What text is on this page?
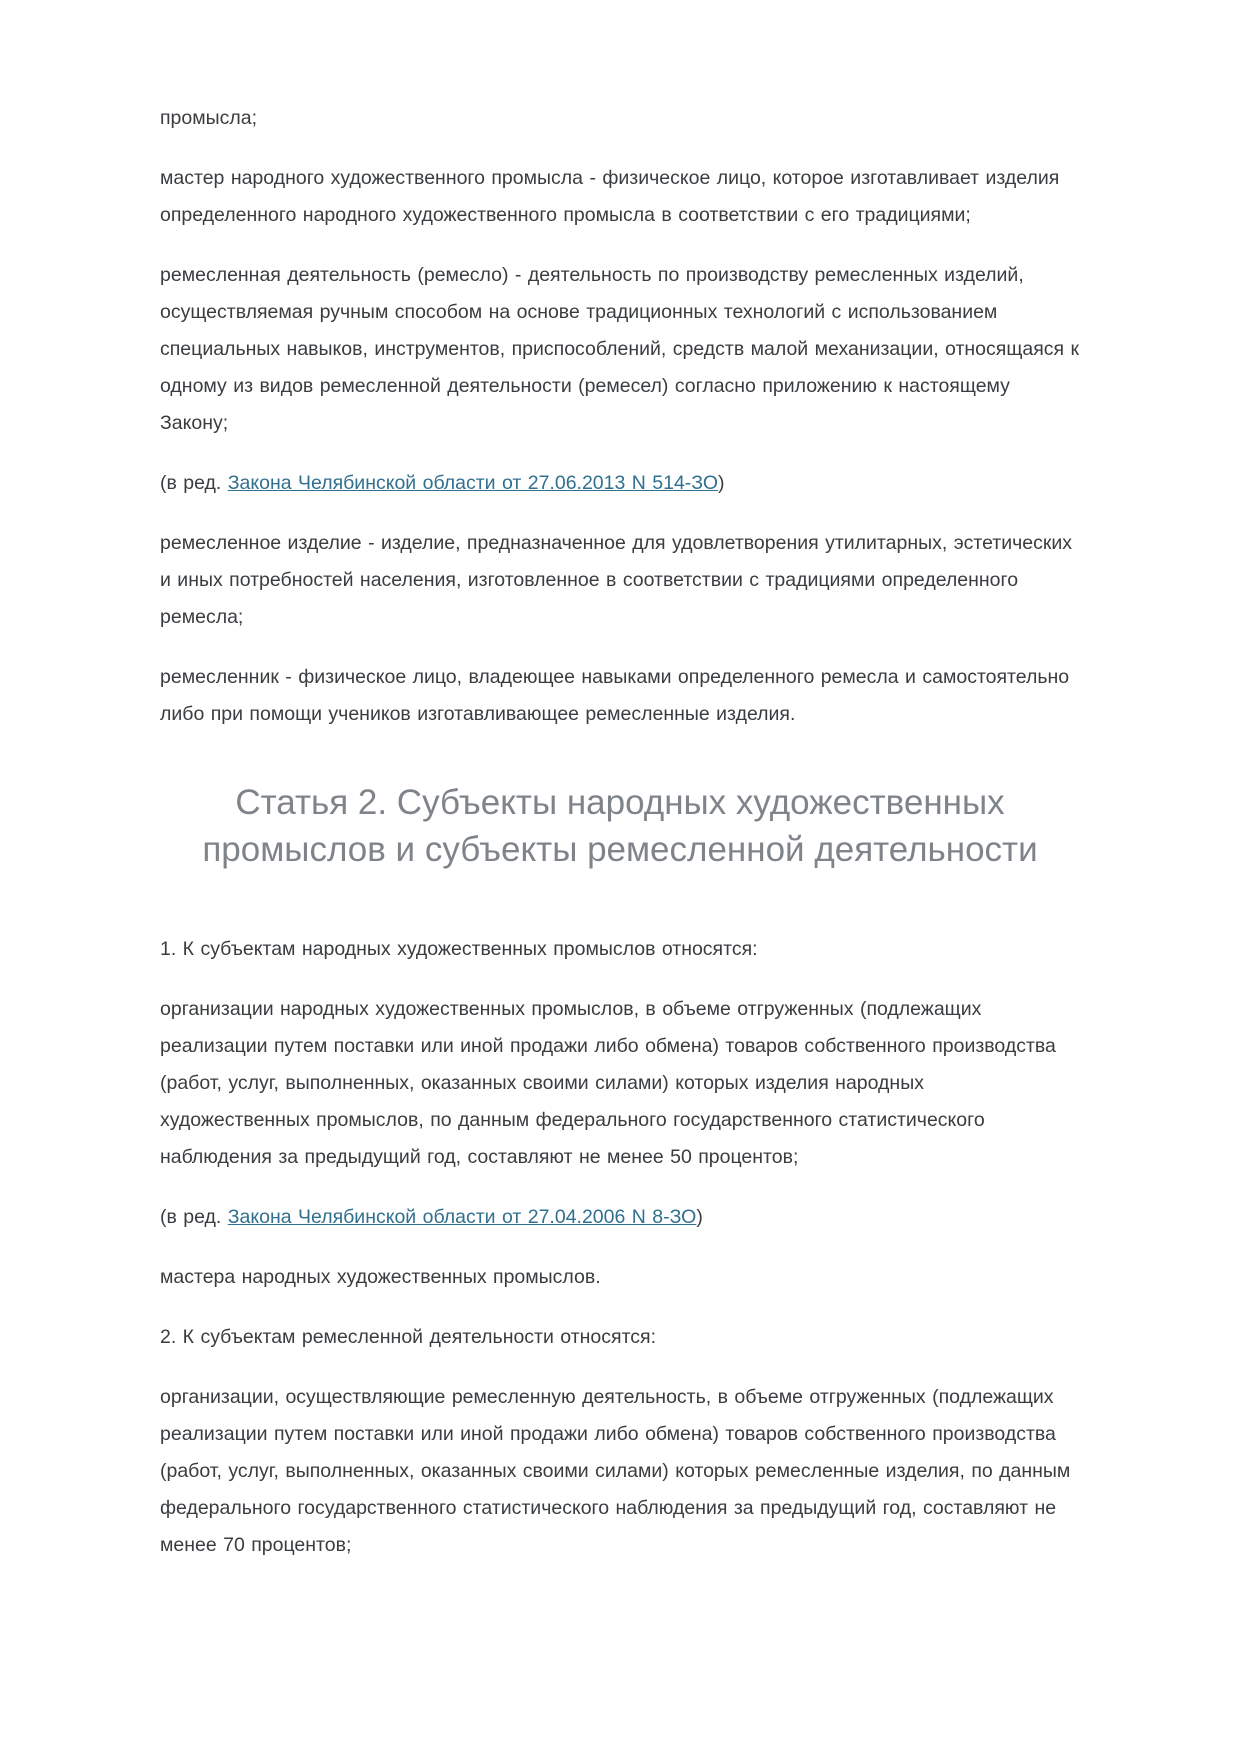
промысла;

мастер народного художественного промысла - физическое лицо, которое изготавливает изделия определенного народного художественного промысла в соответствии с его традициями;

ремесленная деятельность (ремесло) - деятельность по производству ремесленных изделий, осуществляемая ручным способом на основе традиционных технологий с использованием специальных навыков, инструментов, приспособлений, средств малой механизации, относящаяся к одному из видов ремесленной деятельности (ремесел) согласно приложению к настоящему Закону;

(в ред. Закона Челябинской области от 27.06.2013 N 514-ЗО)

ремесленное изделие - изделие, предназначенное для удовлетворения утилитарных, эстетических и иных потребностей населения, изготовленное в соответствии с традициями определенного ремесла;

ремесленник - физическое лицо, владеющее навыками определенного ремесла и самостоятельно либо при помощи учеников изготавливающее ремесленные изделия.

Статья 2. Субъекты народных художественных промыслов и субъекты ремесленной деятельности

1. К субъектам народных художественных промыслов относятся:

организации народных художественных промыслов, в объеме отгруженных (подлежащих реализации путем поставки или иной продажи либо обмена) товаров собственного производства (работ, услуг, выполненных, оказанных своими силами) которых изделия народных художественных промыслов, по данным федерального государственного статистического наблюдения за предыдущий год, составляют не менее 50 процентов;

(в ред. Закона Челябинской области от 27.04.2006 N 8-ЗО)

мастера народных художественных промыслов.

2. К субъектам ремесленной деятельности относятся:

организации, осуществляющие ремесленную деятельность, в объеме отгруженных (подлежащих реализации путем поставки или иной продажи либо обмена) товаров собственного производства (работ, услуг, выполненных, оказанных своими силами) которых ремесленные изделия, по данным федерального государственного статистического наблюдения за предыдущий год, составляют не менее 70 процентов;
